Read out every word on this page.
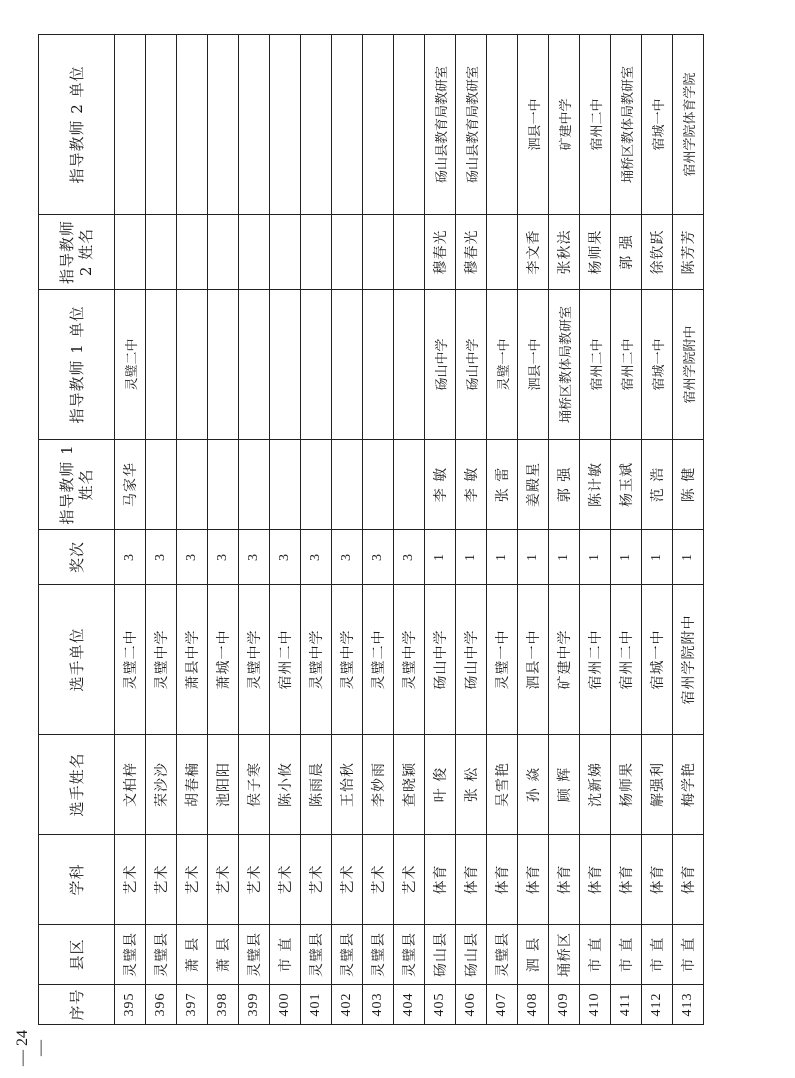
序号	县区	学科	选手姓名	选手单位	奖次	指导教师 1 姓名	指导教师 1 单位	指导教师 2 姓名	指导教师 2 单位
395	灵璧县	艺术	文柏梓	灵璧二中	3	马家华	灵璧二中		
396	灵璧县	艺术	荣沙沙	灵璧中学	3				
397	萧 县	艺术	胡春楠	萧县中学	3				
398	萧 县	艺术	池阳阳	萧城一中	3				
399	灵璧县	艺术	侯子寒	灵璧中学	3				
400	市 直	艺术	陈小攸	宿州二中	3				
401	灵璧县	艺术	陈雨晨	灵璧中学	3				
402	灵璧县	艺术	王怡秋	灵璧中学	3				
403	灵璧县	艺术	李妙雨	灵璧二中	3				
404	灵璧县	艺术	查晓颖	灵璧中学	3				
405	砀山县	体育	叶 俊	砀山中学	1	李 敏	砀山中学	穆春光	砀山县教育局教研室
406	砀山县	体育	张 松	砀山中学	1	李 敏	砀山中学	穆春光	砀山县教育局教研室
407	灵璧县	体育	吴雪艳	灵璧一中	1	张 雷	灵璧一中		
408	泗 县	体育	孙 焱	泗县一中	1	姜殿星	泗县一中	李文香	泗县一中
409	埇桥区	体育	顾 辉	矿建中学	1	郭 强	埇桥区教体局教研室	张秋法	矿建中学
410	市 直	体育	沈新娣	宿州二中	1	陈计敏	宿州二中	杨师果	宿州二中
411	市 直	体育	杨师果	宿州二中	1	杨玉斌	宿州二中	郭 强	埇桥区教体局教研室
412	市 直	体育	解强利	宿城一中	1	范 浩	宿城一中	徐钦跃	宿城一中
413	市 直	体育	梅学艳	宿州学院附中	1	陈 健	宿州学院附中	陈芳芳	宿州学院体育学院
— 24 —
